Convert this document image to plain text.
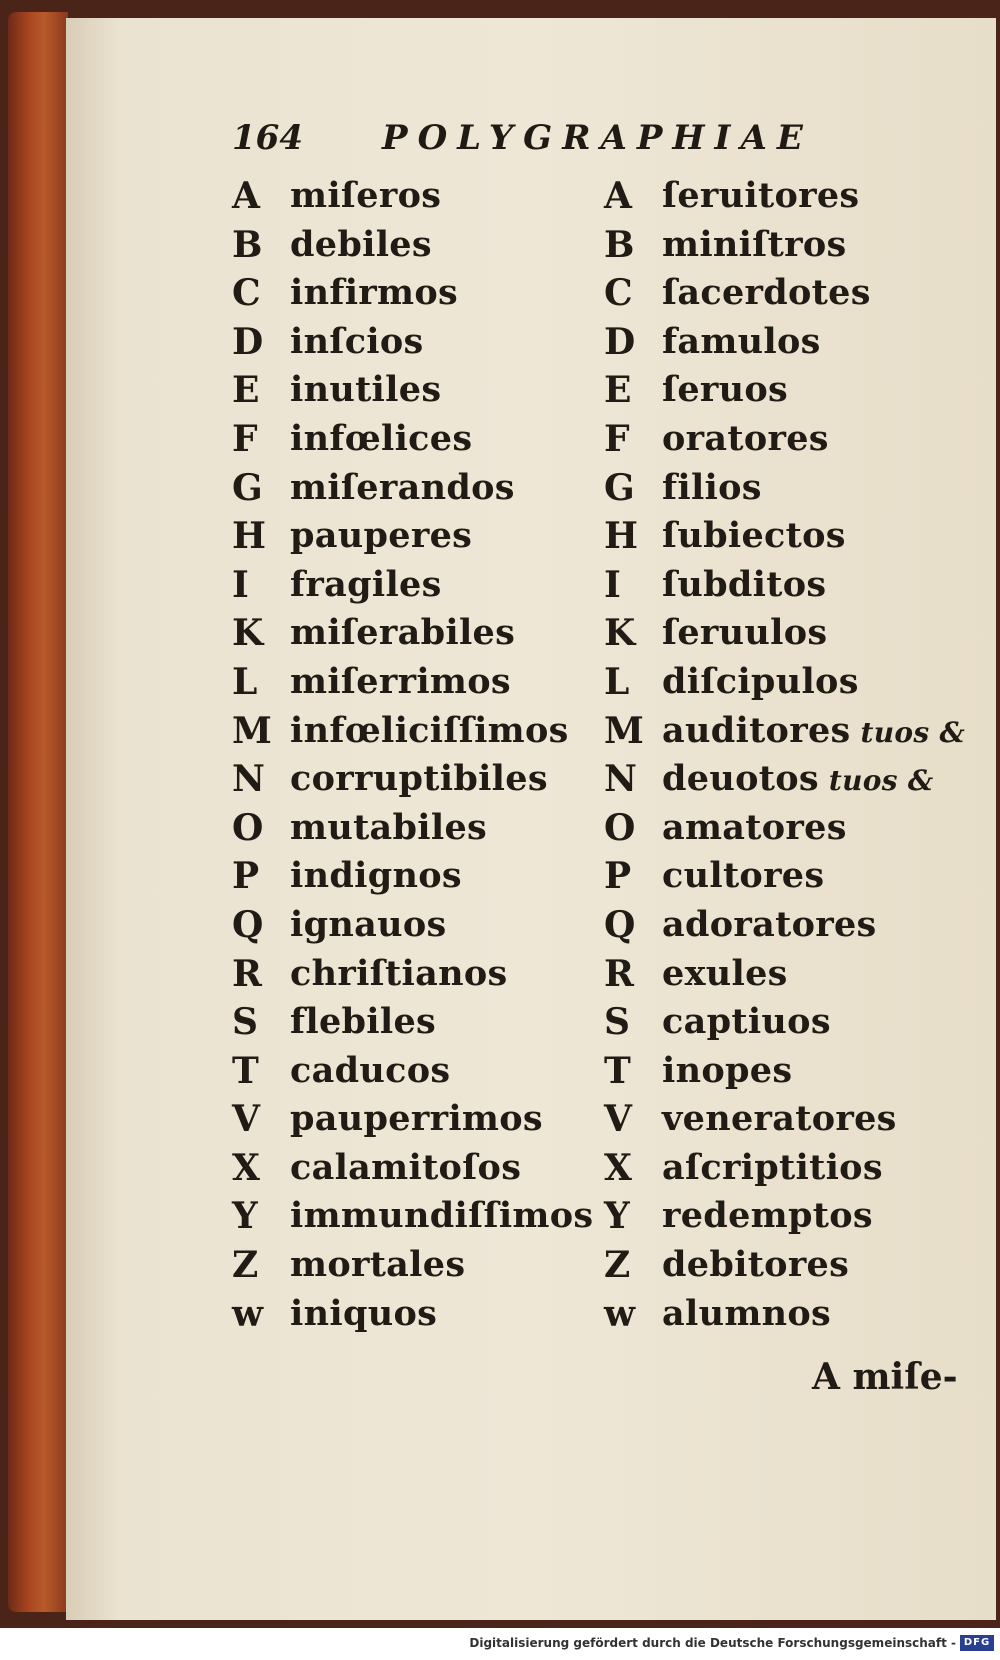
164 POLYGRAPHIAE
A miſeros
B debiles
C infirmos
D inſcios
E inutiles
F infœlices
G miſerandos
H pauperes
I	fragiles
K miſerabiles
L miſerrimos
M infœliciſſimos
N corruptibiles
O mutabiles
P indignos
Q ignauos
R chriſtianos
S flebiles
T caducos
V pauperrimos
X calamitoſos
Y immundiſſimos
Z mortales
w iniquos
A ſeruitores
B miniſtros
C ſacerdotes
D famulos
E ſeruos
F oratores
G filios
H ſubiectos
I	ſubditos
K ſeruulos
L diſcipulos
M auditores tuos &
N deuotos tuos &
O amatores
P cultores
Q adoratores
R exules
S captiuos
T inopes
V veneratores
X aſcriptitios
Y redemptos
Z debitores
w alumnos
A miſe-
Digitalisierung gefördert durch die Deutsche Forschungsgemeinschaft - DFG
